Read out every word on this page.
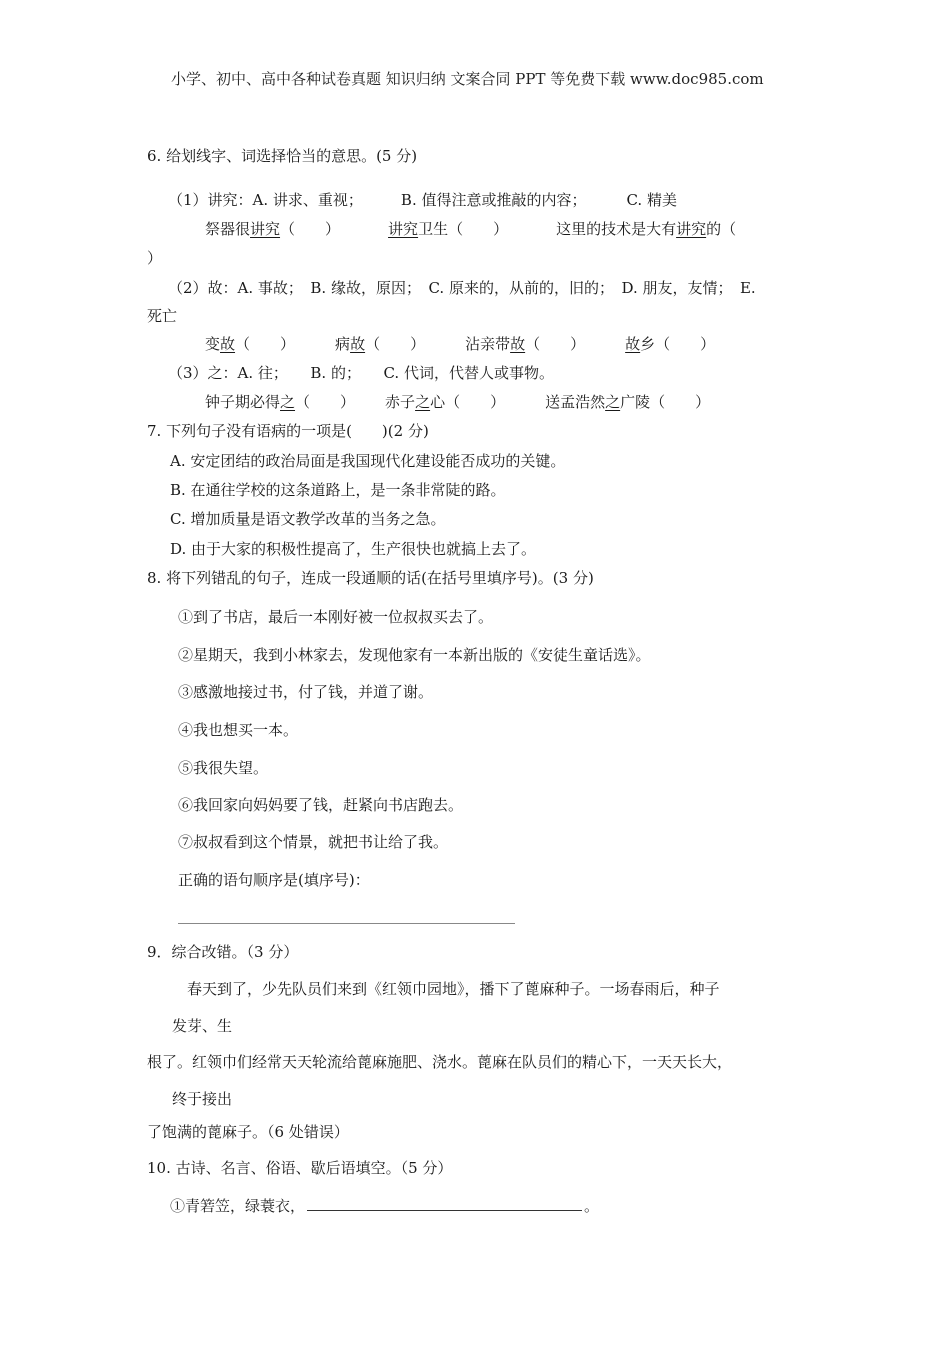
小学、初中、高中各种试卷真题 知识归纳 文案合同 PPT 等免费下载 www.doc985.com
6. 给划线字、词选择恰当的意思。(5 分)
（1）讲究：A. 讲求、重视；	B. 值得注意或推敲的内容；	C. 精美
祭器很讲究（　　）	讲究卫生（　　）	这里的技术是大有讲究的（
）
（2）故：A. 事故；　B. 缘故，原因；　C. 原来的，从前的，旧的；　D. 朋友，友情；　E.
死亡
变故（　　）	病故（　　）	沾亲带故（　　）	故乡（　　）
（3）之：A. 往；　　B. 的；　　C. 代词，代替人或事物。
钟子期必得之（　　） 赤子之心（　　）	送孟浩然之广陵（　　）
7. 下列句子没有语病的一项是(　　)(2 分)
A. 安定团结的政治局面是我国现代化建设能否成功的关键。
B. 在通往学校的这条道路上，是一条非常陡的路。
C. 增加质量是语文教学改革的当务之急。
D. 由于大家的积极性提高了，生产很快也就搞上去了。
8. 将下列错乱的句子，连成一段通顺的话(在括号里填序号)。(3 分)
①到了书店，最后一本刚好被一位叔叔买去了。
②星期天，我到小林家去，发现他家有一本新出版的《安徒生童话选》。
③感激地接过书，付了钱，并道了谢。
④我也想买一本。
⑤我很失望。
⑥我回家向妈妈要了钱，赶紧向书店跑去。
⑦叔叔看到这个情景，就把书让给了我。
正确的语句顺序是(填序号)：
9．综合改错。（3 分）
春天到了，少先队员们来到《红领巾园地》，播下了蓖麻种子。一场春雨后，种子
发芽、生
根了。红领巾们经常天天轮流给蓖麻施肥、浇水。蓖麻在队员们的精心下，一天天长大，
终于接出
了饱满的蓖麻子。（6 处错误）
10. 古诗、名言、俗语、歇后语填空。（5 分）
①青箬笠，绿蓑衣，	。
